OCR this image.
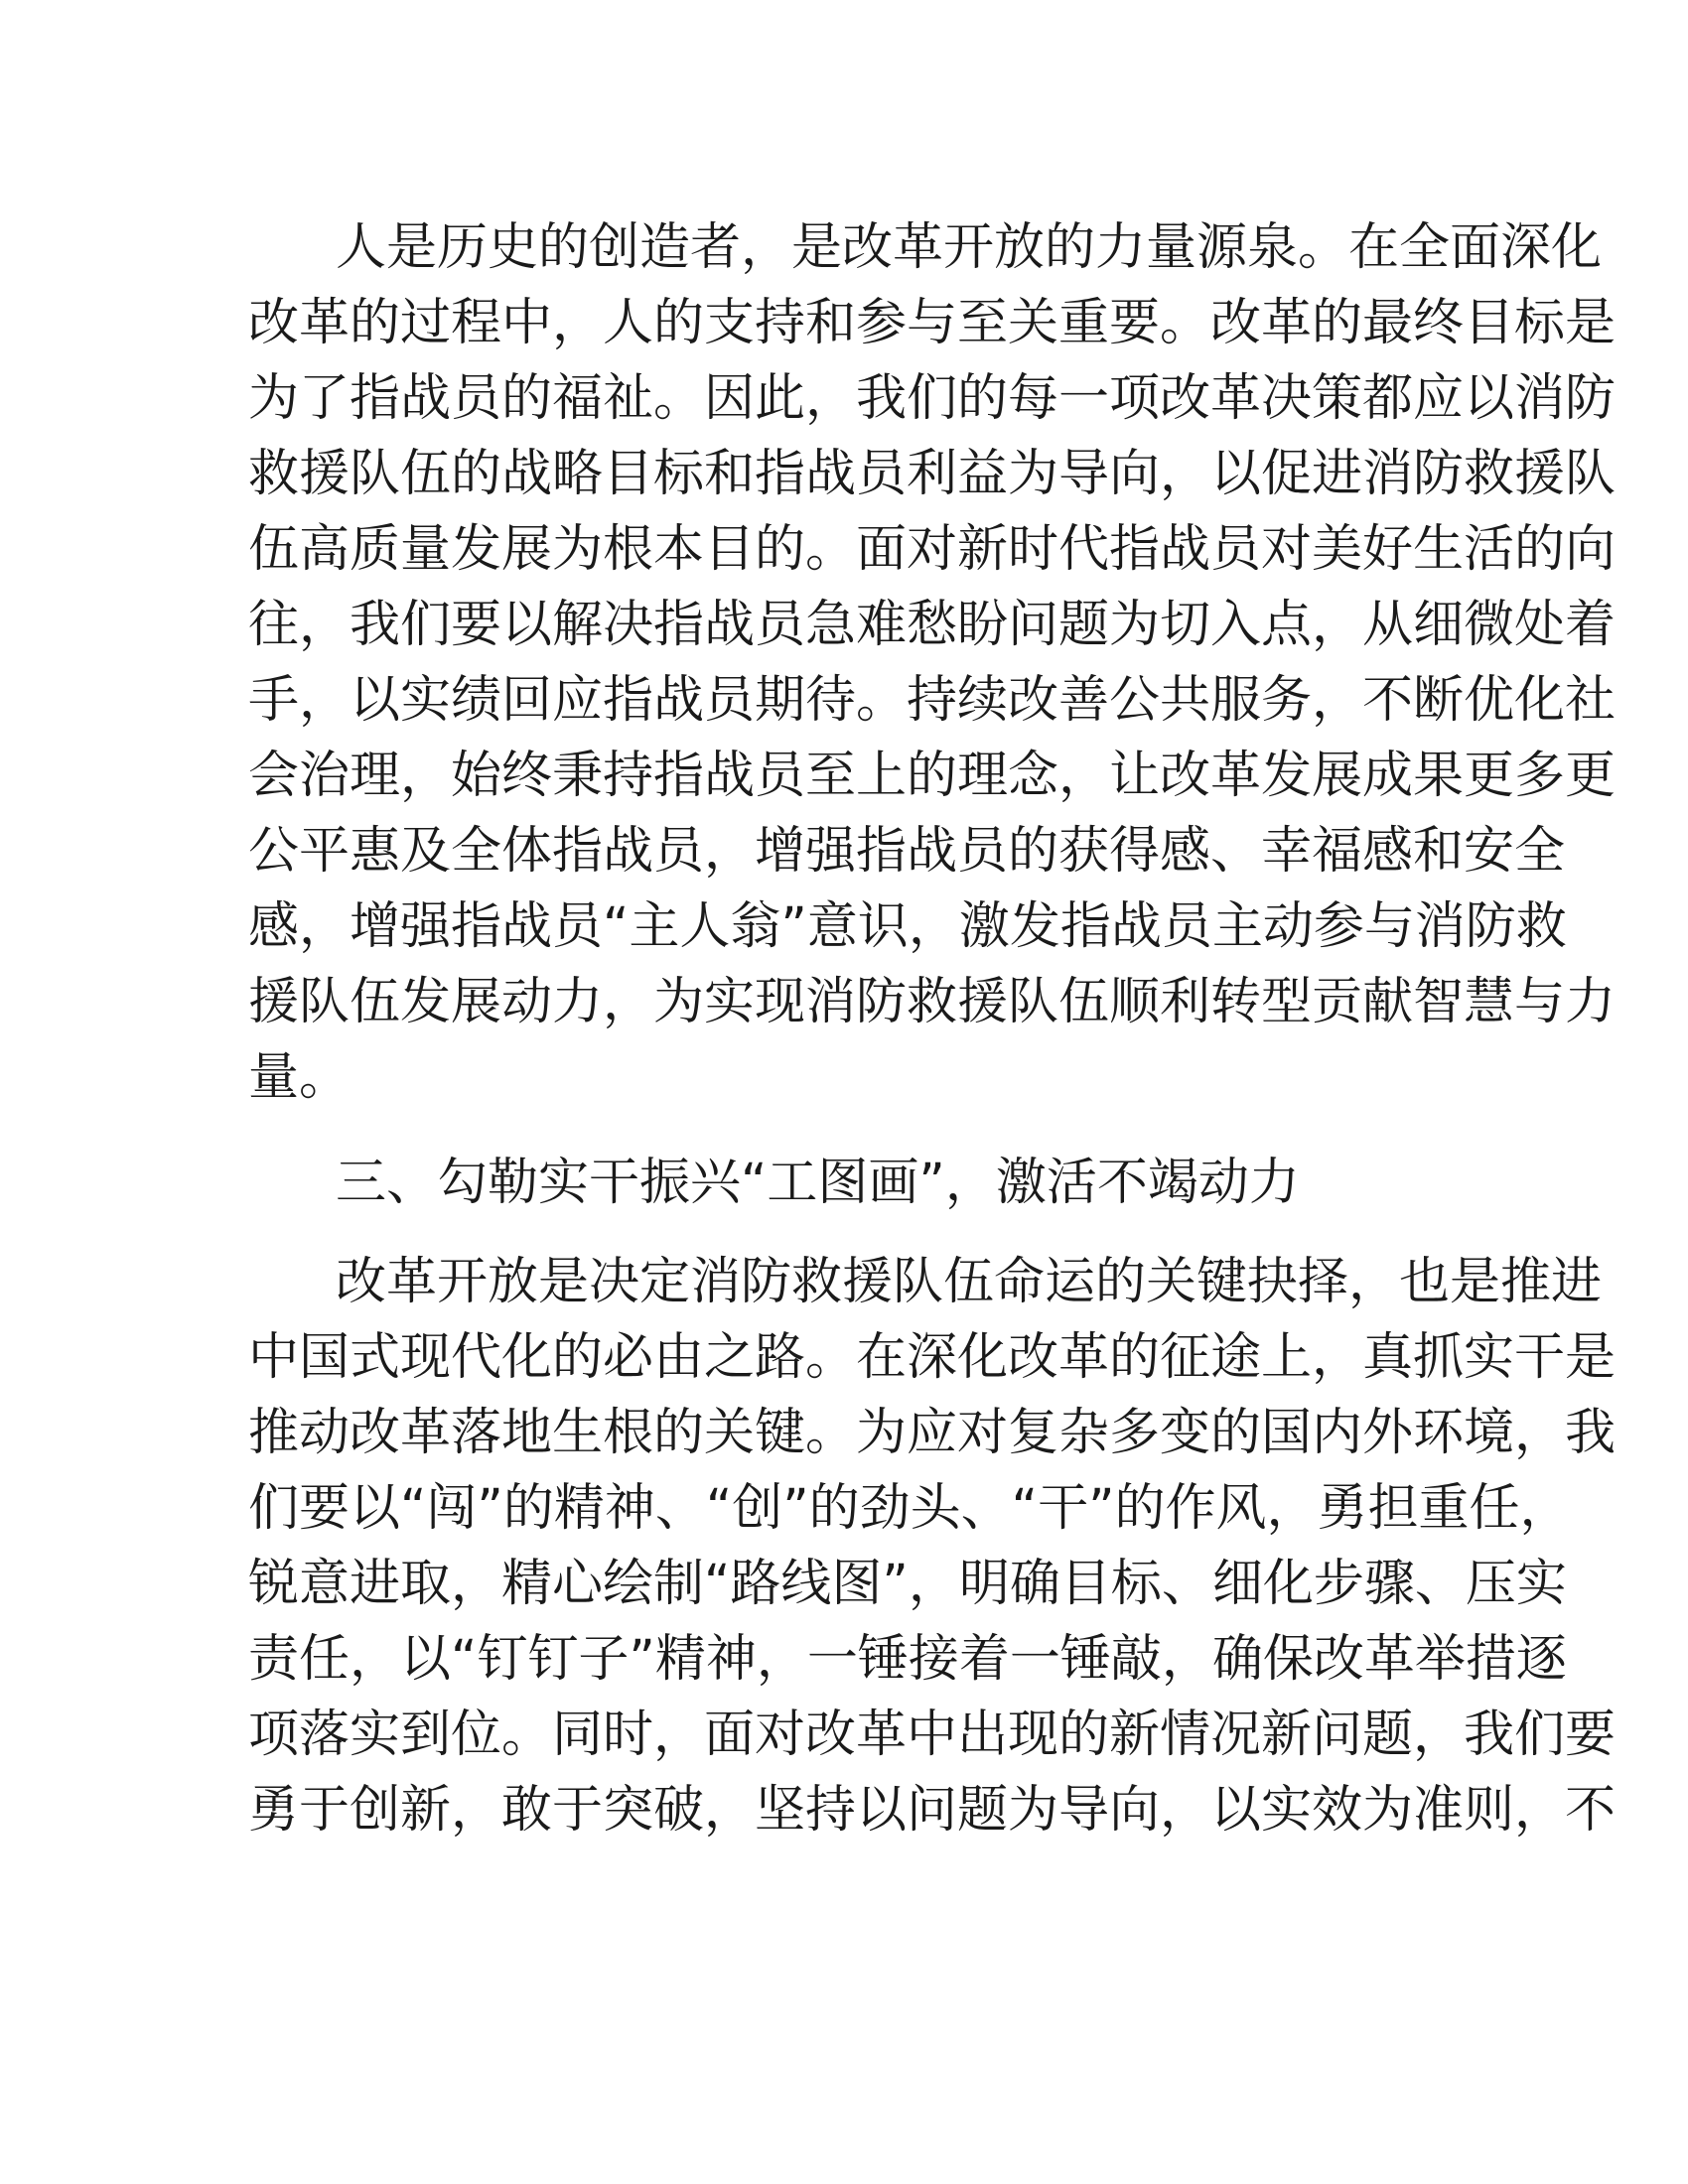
人是历史的创造者，是改革开放的力量源泉。在全面深化
改革的过程中，人的支持和参与至关重要。改革的最终目标是
为了指战员的福祉。因此，我们的每一项改革决策都应以消防
救援队伍的战略目标和指战员利益为导向，以促进消防救援队
伍高质量发展为根本目的。面对新时代指战员对美好生活的向
往，我们要以解决指战员急难愁盼问题为切入点，从细微处着
手，以实绩回应指战员期待。持续改善公共服务，不断优化社
会治理，始终秉持指战员至上的理念，让改革发展成果更多更
公平惠及全体指战员，增强指战员的获得感、幸福感和安全
感，增强指战员“主人翁”意识，激发指战员主动参与消防救
援队伍发展动力，为实现消防救援队伍顺利转型贡献智慧与力
量。
三、勾勒实干振兴“工图画”，激活不竭动力
改革开放是决定消防救援队伍命运的关键抉择，也是推进
中国式现代化的必由之路。在深化改革的征途上，真抓实干是
推动改革落地生根的关键。为应对复杂多变的国内外环境，我
们要以“闯”的精神、“创”的劲头、“干”的作风，勇担重任，
锐意进取，精心绘制“路线图”，明确目标、细化步骤、压实
责任，以“钉钉子”精神，一锤接着一锤敲，确保改革举措逐
项落实到位。同时，面对改革中出现的新情况新问题，我们要
勇于创新，敢于突破，坚持以问题为导向，以实效为准则，不
